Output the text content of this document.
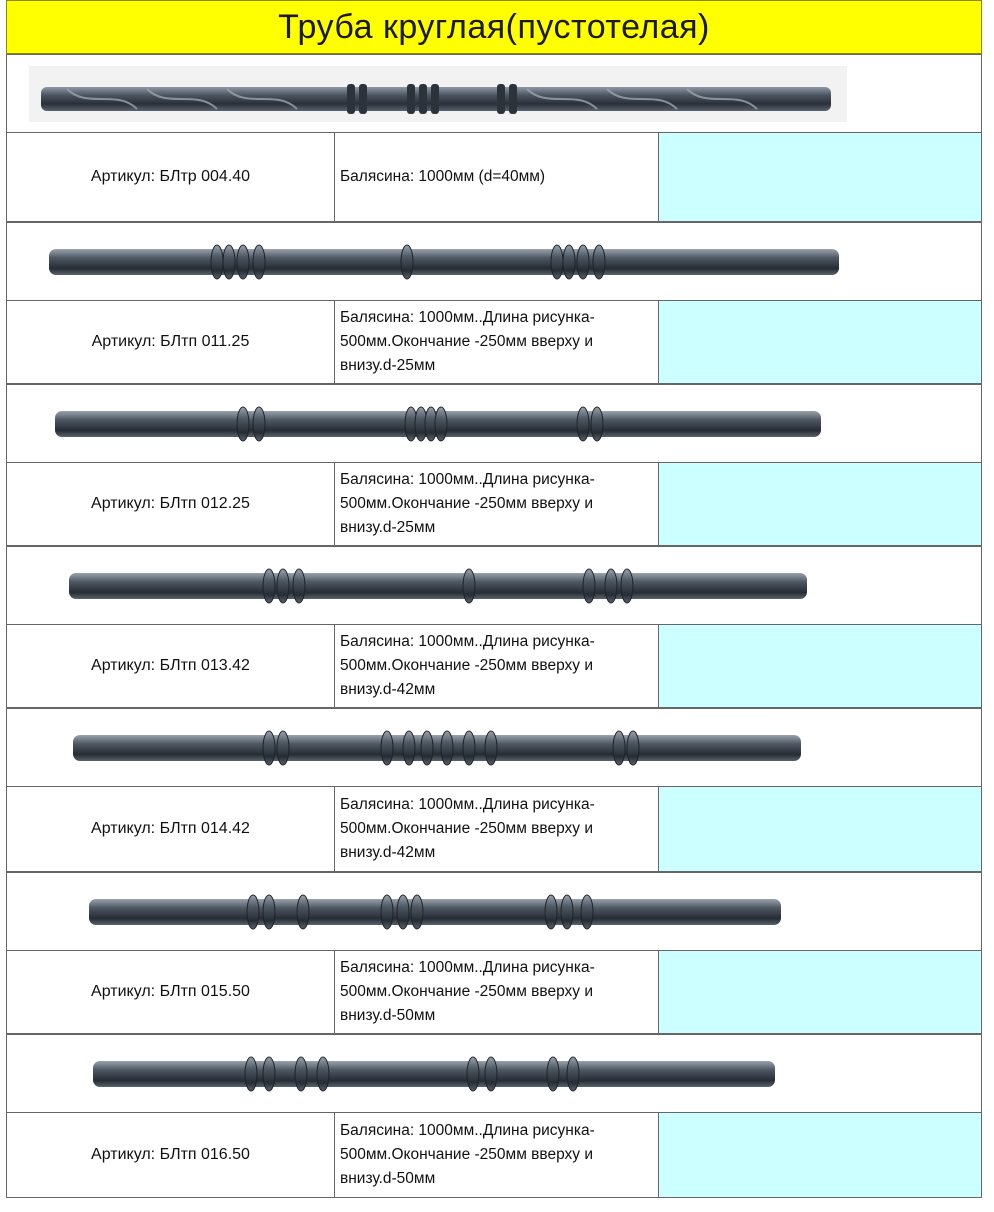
Труба круглая(пустотелая)
Артикул: БЛтр 004.40	Балясина: 1000мм (d=40мм)
Артикул: БЛтп 011.25
Балясина: 1000мм..Длина рисунка-
500мм.Окончание -250мм вверху и
внизу.d-25мм
Артикул: БЛтп 012.25
Балясина: 1000мм..Длина рисунка-
500мм.Окончание -250мм вверху и
внизу.d-25мм
Артикул: БЛтп 013.42
Балясина: 1000мм..Длина рисунка-
500мм.Окончание -250мм вверху и
внизу.d-42мм
Артикул: БЛтп 014.42
Балясина: 1000мм..Длина рисунка-
500мм.Окончание -250мм вверху и
внизу.d-42мм
Артикул: БЛтп 015.50
Балясина: 1000мм..Длина рисунка-
500мм.Окончание -250мм вверху и
внизу.d-50мм
Артикул: БЛтп 016.50
Балясина: 1000мм..Длина рисунка-
500мм.Окончание -250мм вверху и
внизу.d-50мм
